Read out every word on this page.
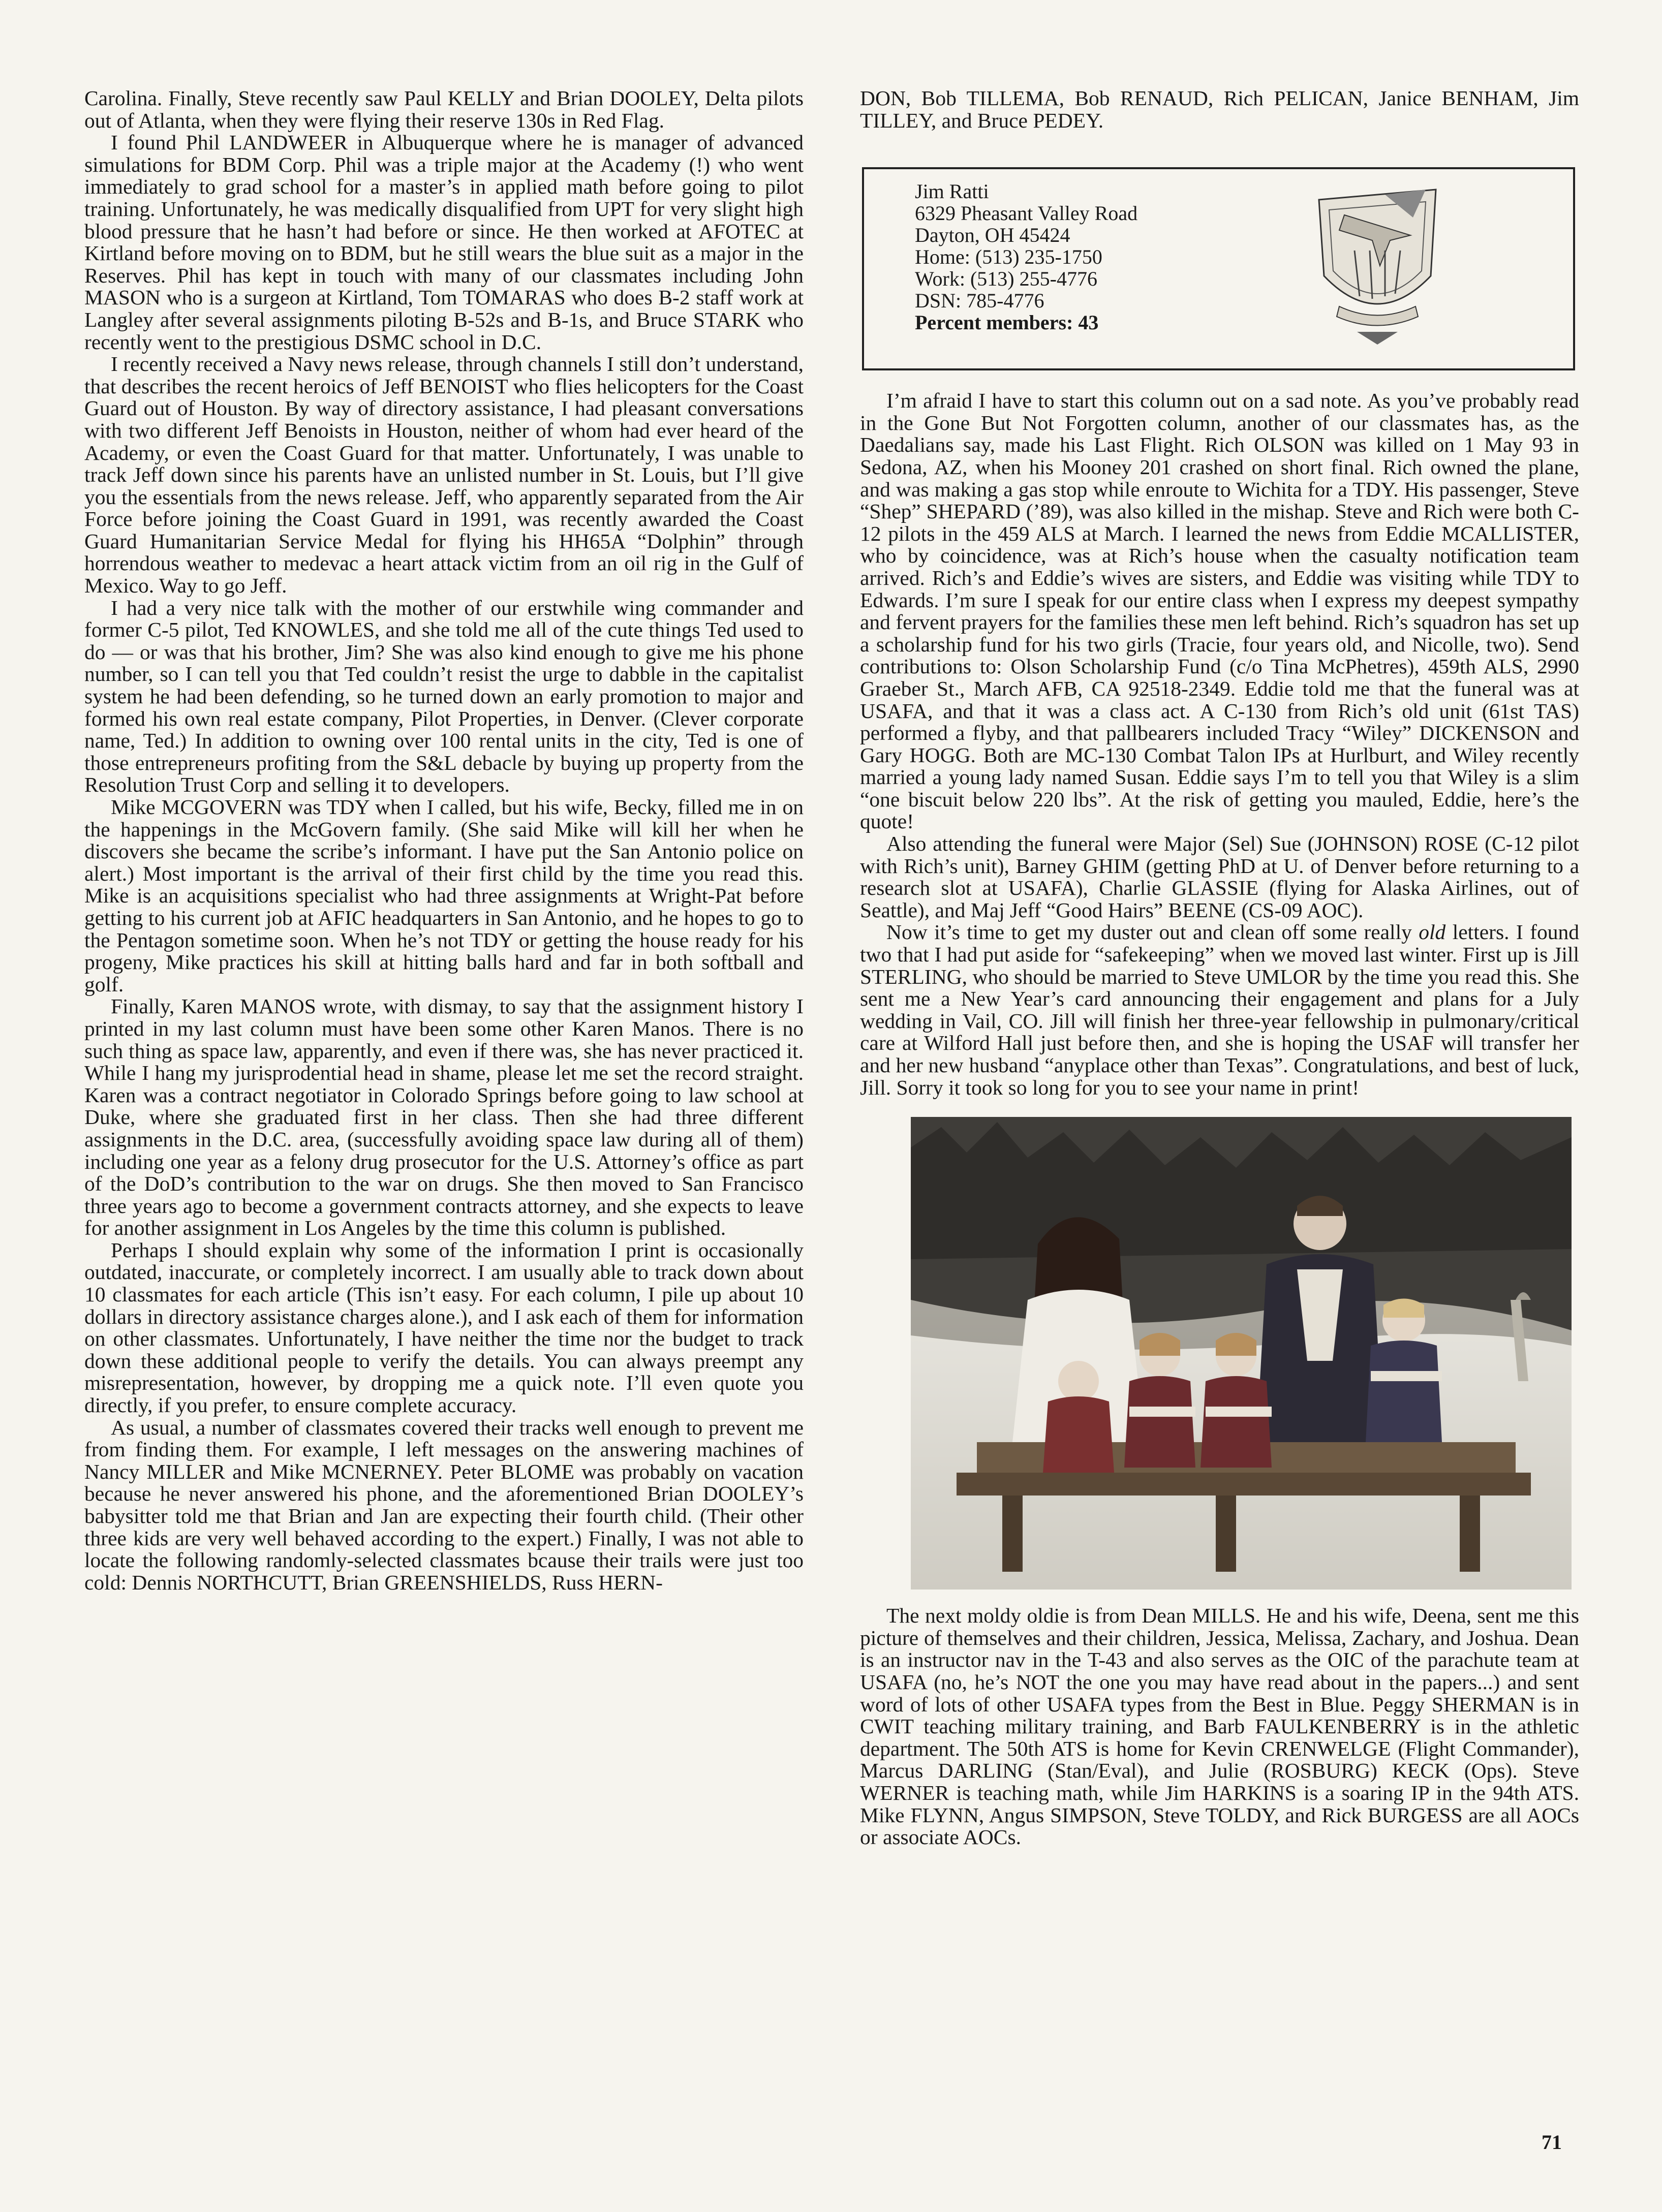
Carolina. Finally, Steve recently saw Paul KELLY and Brian DOOLEY, Delta pilots out of Atlanta, when they were flying their reserve 130s in Red Flag.

I found Phil LANDWEER in Albuquerque where he is manager of advanced simulations for BDM Corp. Phil was a triple major at the Academy (!) who went immediately to grad school for a master’s in applied math before going to pilot training. Unfortunately, he was medically disqualified from UPT for very slight high blood pressure that he hasn’t had before or since. He then worked at AFOTEC at Kirtland before moving on to BDM, but he still wears the blue suit as a major in the Reserves. Phil has kept in touch with many of our classmates including John MASON who is a surgeon at Kirtland, Tom TOMARAS who does B-2 staff work at Langley after several assignments piloting B-52s and B-1s, and Bruce STARK who recently went to the prestigious DSMC school in D.C.

I recently received a Navy news release, through channels I still don’t understand, that describes the recent heroics of Jeff BENOIST who flies helicopters for the Coast Guard out of Houston. By way of directory assistance, I had pleasant conversations with two different Jeff Benoists in Houston, neither of whom had ever heard of the Academy, or even the Coast Guard for that matter. Unfortunately, I was unable to track Jeff down since his parents have an unlisted number in St. Louis, but I’ll give you the essentials from the news release. Jeff, who apparently separated from the Air Force before joining the Coast Guard in 1991, was recently awarded the Coast Guard Humanitarian Service Medal for flying his HH65A “Dolphin” through horrendous weather to medevac a heart attack victim from an oil rig in the Gulf of Mexico. Way to go Jeff.

I had a very nice talk with the mother of our erstwhile wing commander and former C-5 pilot, Ted KNOWLES, and she told me all of the cute things Ted used to do — or was that his brother, Jim? She was also kind enough to give me his phone number, so I can tell you that Ted couldn’t resist the urge to dabble in the capitalist system he had been defending, so he turned down an early promotion to major and formed his own real estate company, Pilot Properties, in Denver. (Clever corporate name, Ted.) In addition to owning over 100 rental units in the city, Ted is one of those entrepreneurs profiting from the S&L debacle by buying up property from the Resolution Trust Corp and selling it to developers.

Mike MCGOVERN was TDY when I called, but his wife, Becky, filled me in on the happenings in the McGovern family. (She said Mike will kill her when he discovers she became the scribe’s informant. I have put the San Antonio police on alert.) Most important is the arrival of their first child by the time you read this. Mike is an acquisitions specialist who had three assignments at Wright-Pat before getting to his current job at AFIC headquarters in San Antonio, and he hopes to go to the Pentagon sometime soon. When he’s not TDY or getting the house ready for his progeny, Mike practices his skill at hitting balls hard and far in both softball and golf.

Finally, Karen MANOS wrote, with dismay, to say that the assignment history I printed in my last column must have been some other Karen Manos. There is no such thing as space law, apparently, and even if there was, she has never practiced it. While I hang my jurisprodential head in shame, please let me set the record straight. Karen was a contract negotiator in Colorado Springs before going to law school at Duke, where she graduated first in her class. Then she had three different assignments in the D.C. area, (successfully avoiding space law during all of them) including one year as a felony drug prosecutor for the U.S. Attorney’s office as part of the DoD’s contribution to the war on drugs. She then moved to San Francisco three years ago to become a government contracts attorney, and she expects to leave for another assignment in Los Angeles by the time this column is published.

Perhaps I should explain why some of the information I print is occasionally outdated, inaccurate, or completely incorrect. I am usually able to track down about 10 classmates for each article (This isn’t easy. For each column, I pile up about 10 dollars in directory assistance charges alone.), and I ask each of them for information on other classmates. Unfortunately, I have neither the time nor the budget to track down these additional people to verify the details. You can always preempt any misrepresentation, however, by dropping me a quick note. I’ll even quote you directly, if you prefer, to ensure complete accuracy.

As usual, a number of classmates covered their tracks well enough to prevent me from finding them. For example, I left messages on the answering machines of Nancy MILLER and Mike MCNERNEY. Peter BLOME was probably on vacation because he never answered his phone, and the aforementioned Brian DOOLEY’s babysitter told me that Brian and Jan are expecting their fourth child. (Their other three kids are very well behaved according to the expert.) Finally, I was not able to locate the following randomly-selected classmates bcause their trails were just too cold: Dennis NORTHCUTT, Brian GREENSHIELDS, Russ HERN-

DON, Bob TILLEMA, Bob RENAUD, Rich PELICAN, Janice BENHAM, Jim TILLEY, and Bruce PEDEY.

Jim Ratti
6329 Pheasant Valley Road
Dayton, OH 45424
Home: (513) 235-1750
Work: (513) 255-4776
DSN: 785-4776
Percent members: 43

I’m afraid I have to start this column out on a sad note. As you’ve probably read in the Gone But Not Forgotten column, another of our classmates has, as the Daedalians say, made his Last Flight. Rich OLSON was killed on 1 May 93 in Sedona, AZ, when his Mooney 201 crashed on short final. Rich owned the plane, and was making a gas stop while enroute to Wichita for a TDY. His passenger, Steve “Shep” SHEPARD (’89), was also killed in the mishap. Steve and Rich were both C-12 pilots in the 459 ALS at March. I learned the news from Eddie MCALLISTER, who by coincidence, was at Rich’s house when the casualty notification team arrived. Rich’s and Eddie’s wives are sisters, and Eddie was visiting while TDY to Edwards. I’m sure I speak for our entire class when I express my deepest sympathy and fervent prayers for the families these men left behind. Rich’s squadron has set up a scholarship fund for his two girls (Tracie, four years old, and Nicolle, two). Send contributions to: Olson Scholarship Fund (c/o Tina McPhetres), 459th ALS, 2990 Graeber St., March AFB, CA 92518-2349. Eddie told me that the funeral was at USAFA, and that it was a class act. A C-130 from Rich’s old unit (61st TAS) performed a flyby, and that pallbearers included Tracy “Wiley” DICKENSON and Gary HOGG. Both are MC-130 Combat Talon IPs at Hurlburt, and Wiley recently married a young lady named Susan. Eddie says I’m to tell you that Wiley is a slim “one biscuit below 220 lbs”. At the risk of getting you mauled, Eddie, here’s the quote!

Also attending the funeral were Major (Sel) Sue (JOHNSON) ROSE (C-12 pilot with Rich’s unit), Barney GHIM (getting PhD at U. of Denver before returning to a research slot at USAFA), Charlie GLASSIE (flying for Alaska Airlines, out of Seattle), and Maj Jeff “Good Hairs” BEENE (CS-09 AOC).

Now it’s time to get my duster out and clean off some really old letters. I found two that I had put aside for “safekeeping” when we moved last winter. First up is Jill STERLING, who should be married to Steve UMLOR by the time you read this. She sent me a New Year’s card announcing their engagement and plans for a July wedding in Vail, CO. Jill will finish her three-year fellowship in pulmonary/critical care at Wilford Hall just before then, and she is hoping the USAF will transfer her and her new husband “anyplace other than Texas”. Congratulations, and best of luck, Jill. Sorry it took so long for you to see your name in print!

The next moldy oldie is from Dean MILLS. He and his wife, Deena, sent me this picture of themselves and their children, Jessica, Melissa, Zachary, and Joshua. Dean is an instructor nav in the T-43 and also serves as the OIC of the parachute team at USAFA (no, he’s NOT the one you may have read about in the papers...) and sent word of lots of other USAFA types from the Best in Blue. Peggy SHERMAN is in CWIT teaching military training, and Barb FAULKENBERRY is in the athletic department. The 50th ATS is home for Kevin CRENWELGE (Flight Commander), Marcus DARLING (Stan/Eval), and Julie (ROSBURG) KECK (Ops). Steve WERNER is teaching math, while Jim HARKINS is a soaring IP in the 94th ATS. Mike FLYNN, Angus SIMPSON, Steve TOLDY, and Rick BURGESS are all AOCs or associate AOCs.

71
